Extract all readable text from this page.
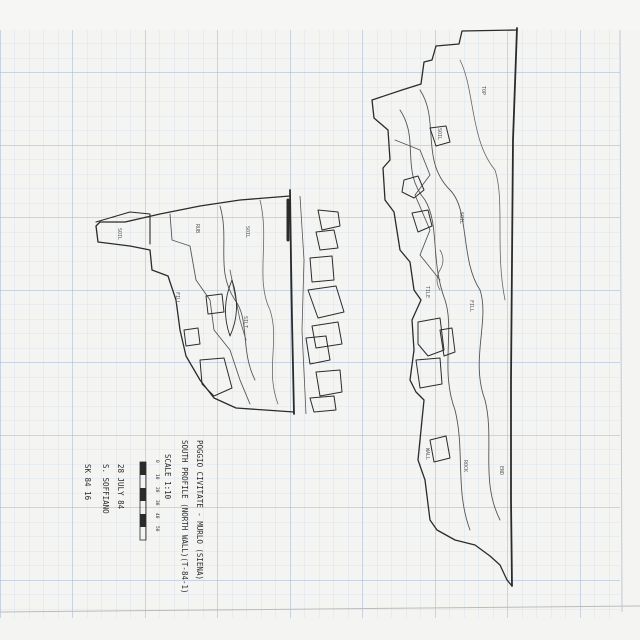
TOP
SOIL
SOIL
TILE
FILL
WALL
ROCK	END
SOIL	SOIL
RUB
FILL
SILT
POGGIO CIVITATE - MURLO (SIENA)
SOUTH PROFILE (NORTH WALL)(T-84-1)
SCALE 1:10
0
10
20
30
40
50
28 JULY 84
S. SOFFIANO
SK 84 16
